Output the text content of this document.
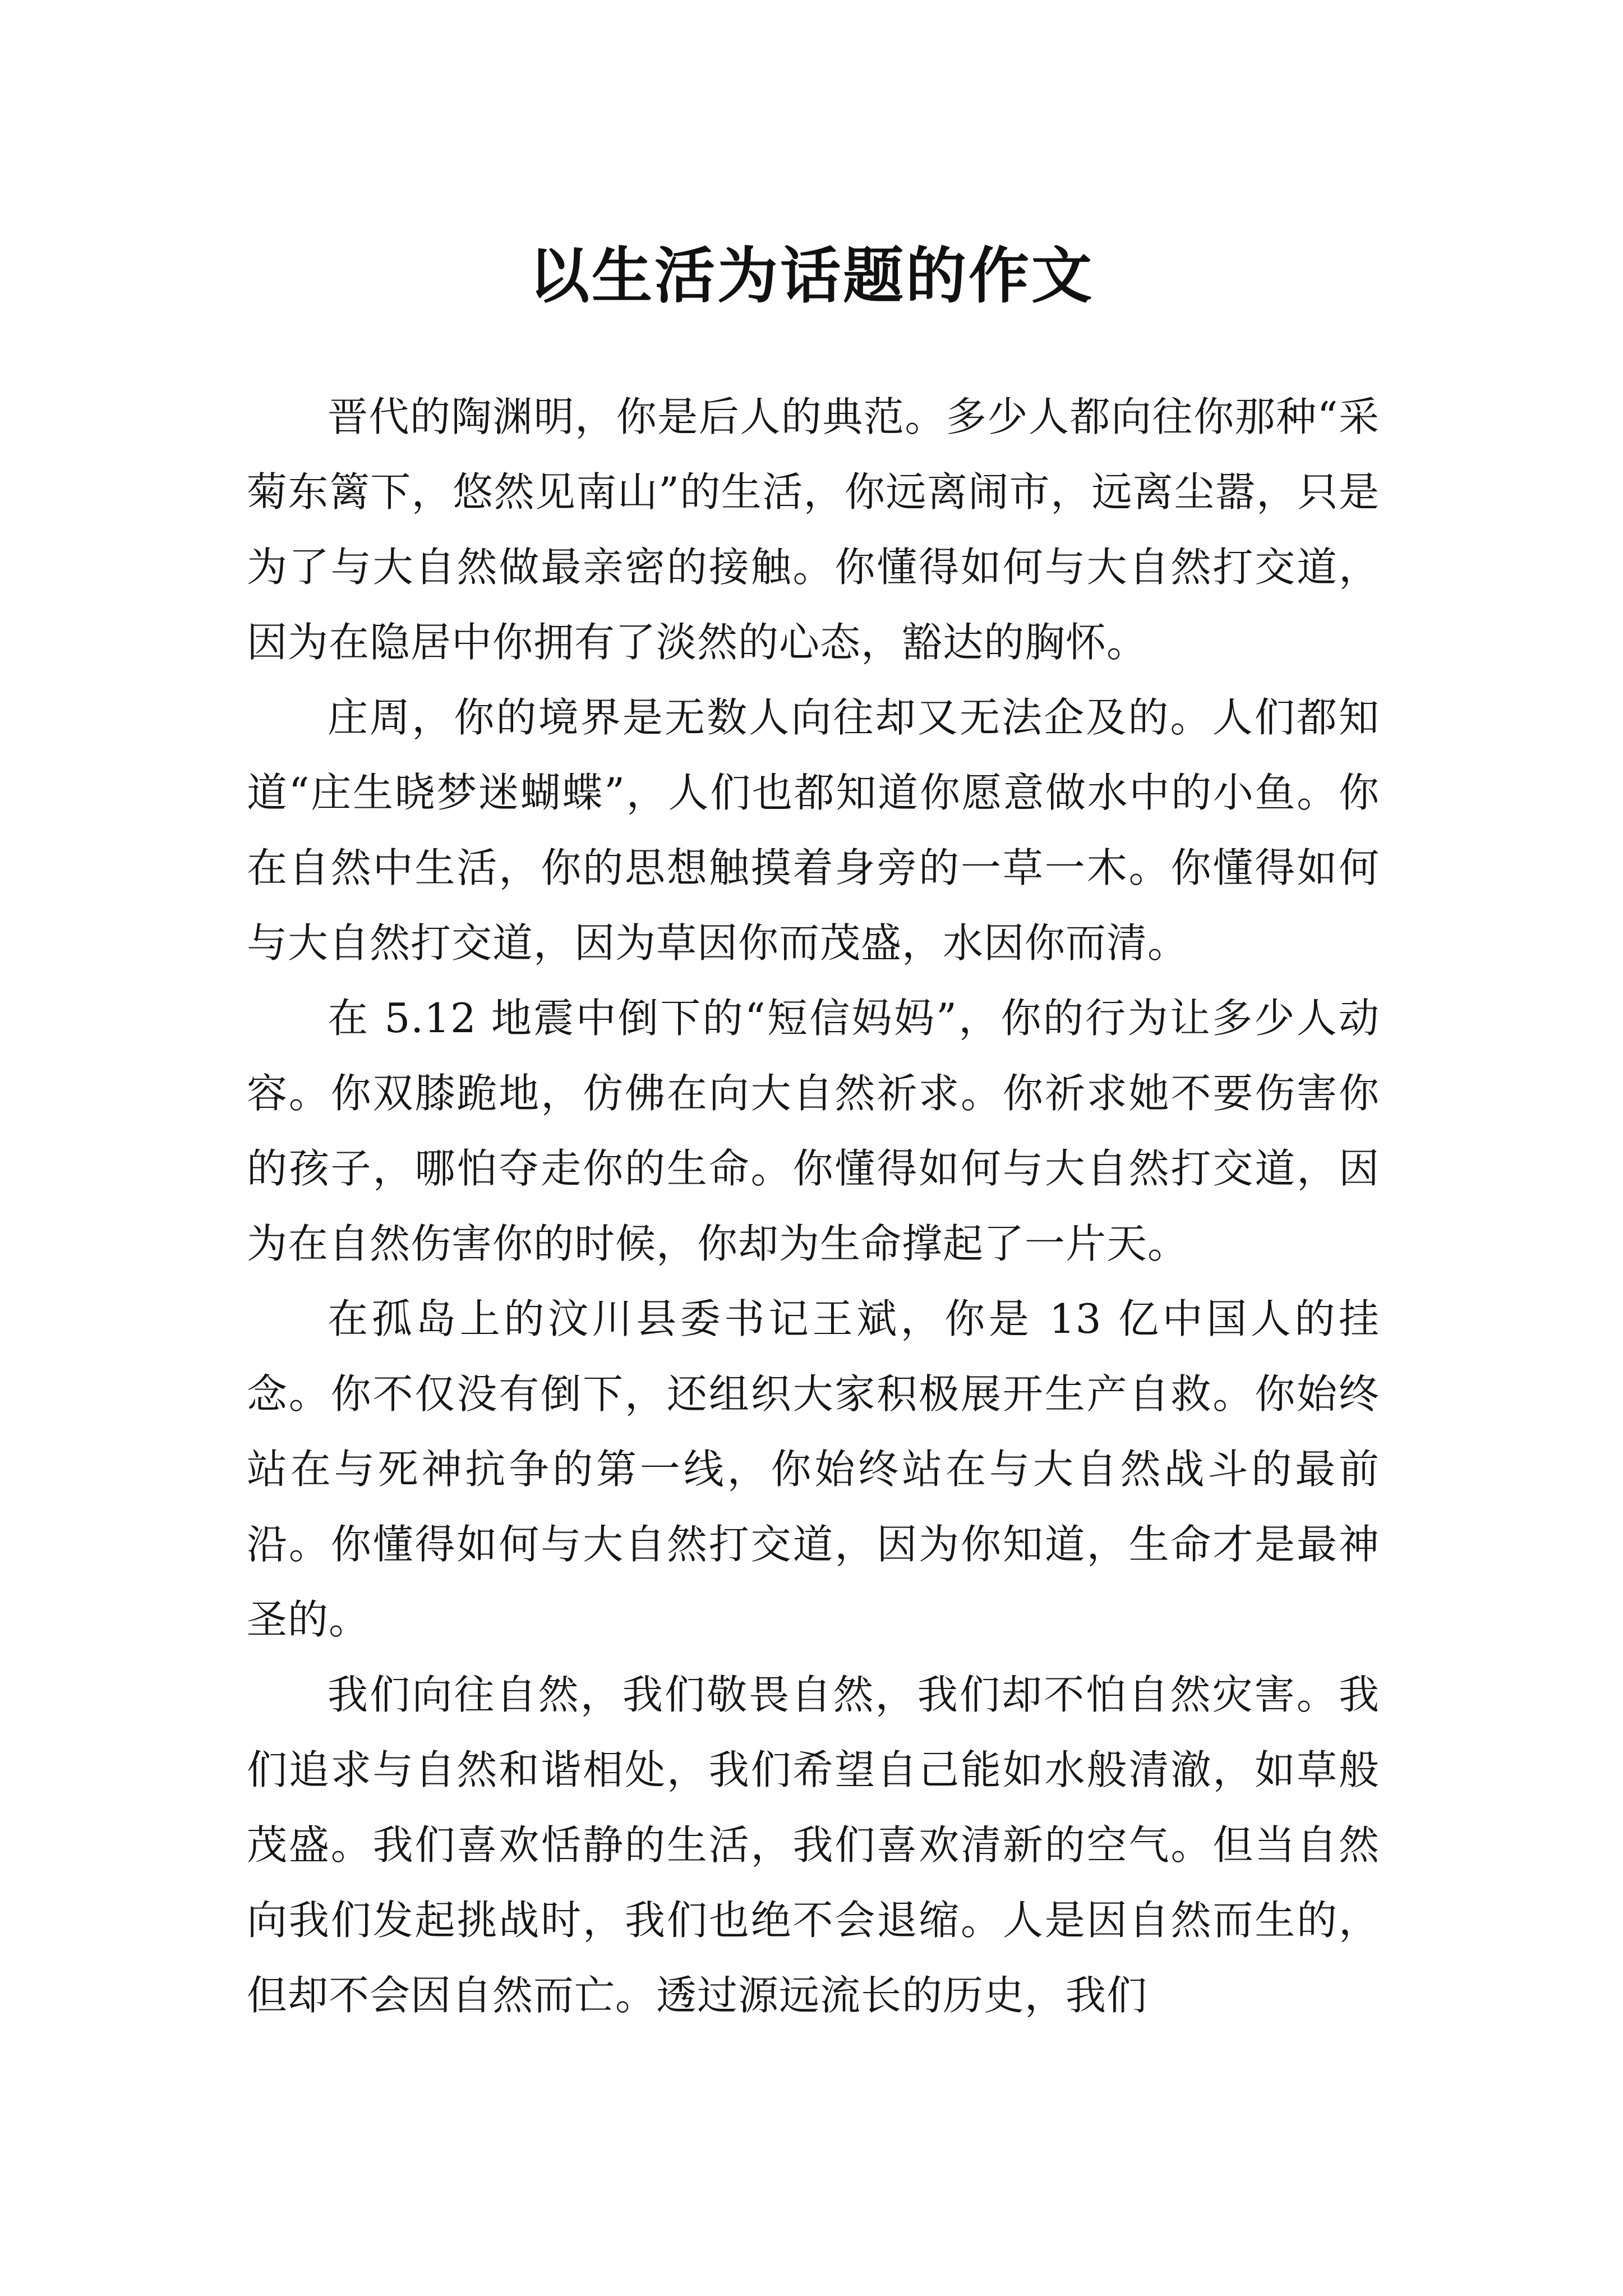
以生活为话题的作文

晋代的陶渊明，你是后人的典范。多少人都向往你那种“采菊东篱下，悠然见南山”的生活，你远离闹市，远离尘嚣，只是为了与大自然做最亲密的接触。你懂得如何与大自然打交道，因为在隐居中你拥有了淡然的心态，豁达的胸怀。

庄周，你的境界是无数人向往却又无法企及的。人们都知道“庄生晓梦迷蝴蝶”，人们也都知道你愿意做水中的小鱼。你在自然中生活，你的思想触摸着身旁的一草一木。你懂得如何与大自然打交道，因为草因你而茂盛，水因你而清。

在 5.12 地震中倒下的“短信妈妈”，你的行为让多少人动容。你双膝跪地，仿佛在向大自然祈求。你祈求她不要伤害你的孩子，哪怕夺走你的生命。你懂得如何与大自然打交道，因为在自然伤害你的时候，你却为生命撑起了一片天。

在孤岛上的汶川县委书记王斌，你是 13 亿中国人的挂念。你不仅没有倒下，还组织大家积极展开生产自救。你始终站在与死神抗争的第一线，你始终站在与大自然战斗的最前沿。你懂得如何与大自然打交道，因为你知道，生命才是最神圣的。

我们向往自然，我们敬畏自然，我们却不怕自然灾害。我们追求与自然和谐相处，我们希望自己能如水般清澈，如草般茂盛。我们喜欢恬静的生活，我们喜欢清新的空气。但当自然向我们发起挑战时，我们也绝不会退缩。人是因自然而生的，但却不会因自然而亡。透过源远流长的历史，我们
